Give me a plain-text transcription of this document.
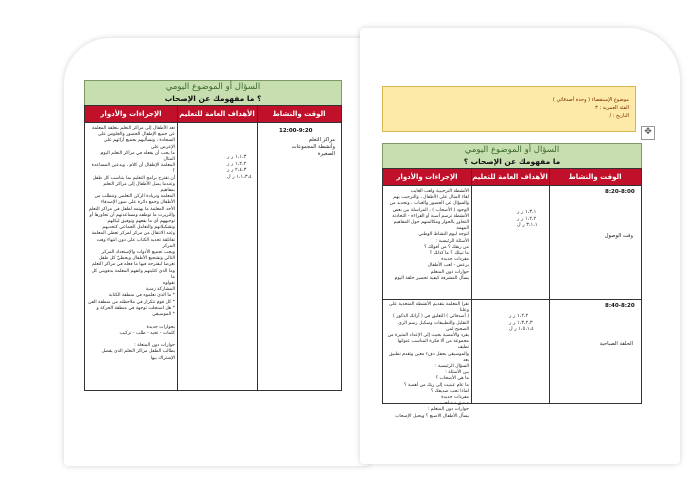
السؤال أو الموضوع اليومي
؟ ما مفهومك عن الإصحاب
الوقت والنشاط
الأهداف العامة للتعليم
الإجراءات والأدوار
12:00-9:20
مراكز التعلم
وأنشطة المجموعات
الصغيرة
١،١،٣ ر ر
١،٢،٢ ر ر
٢،٤،٣ ر ر
١،١،٣،٤ ر ل
تعد الأطفال إلى مراكز التعلم بتعلقة المعلمة
عن جميع الإطفال الحضور والجلوس على
السجادة ، وتسأليهم بجميع أرائهم على الإعرض على
ما يحب أن يفعله في مراكز التعلم اليوم المثال
المعلمة الإطفال أن كلام ، ويدعين المساعدة ؟
أن تقترح برامج التعليم بما يتناسب كل طفل
وعندما يصل الأطفال إلى مراكز التعلم بمفاهيم
المعلمة وتزيادة الركن التعلمي وتنطلب من
الأطفال وجمع دائرة على صور الإصدقاء
الأحد المعلمة ما يهتمه لطفل في مراكز التعلم
والتريرت ما توظفه ومساعدتهم أن تحاورها أو
توجيههم أي ما يفعهم وتوفيق ليكلهم
وتشكيلاتهم والتعامل الجماعي كتحديهم
وعند الانتقال من مركز لمركز تعطي المعلمة
تقاتلقة تحديه الكتاب على دون انتهاء وقت المركز
ويجب تجميع الأدوات والإستعداد المركز
التالي وتشجيع الأطفال وبحظيّ كل طفل
تعرضا ليقترحه فيها ما فعله في مراكز التعلم
وما الذي كتليتهم وانفهم المعلمة بدفويني كل ما
تقولوه
المشاركة زمنية
* ما الذي تعلموه في منطقة الكتابة
* كل قوم تتكرار في ملاحظته من منطقة الفن
* هل استجلت توجهة في منطقة الحركة و
* الموسيقي

بحوارات جديدة
كلمات - تحيه - طلب - تركيب

حوارات دون المتعلة :
بطالب الطفل مراكز التعلم الذي يفضل
الإشتراك بيها
موضوع الإستقصاء ( وحدة أصدقائي )
الفئة العمرية : ٣
التاريخ : /
✥
السؤال أو الموضوع اليومي
ما مفهومك عن الإصحاب ؟
الوقت والنشاط
الأهداف العامة للتعليم
الإجراءات والأدوار
8:20-8:00
وقت الوصول
١،٣،١ ر ر
١،٢،٢ ر ر
٣،١،١ ر ل
الأنشطة الترحيبية ولعب الغايب
لقاء المثال على الأطفال ، والترحيب بهم
والسؤال عن الحضور والغياب ، وتحديد من
الوجود ( الأصحاب ) ، المراسلة بين بعض
الأنشطة ترسم أسية أو القراءة - التحادثة
التحاور بالحوار ومكالمتهم حول المفاهيم المهمة
لتوجه ليوم النشاط الوطني
الأسئلة الرئيسية :
من ربقك ؟ من أفولك ؟
ما تبيلك ؟ ما كذلك ؟
مفردات جديدة
يرعش - لعب الأطفال
حوارات دون المتعلم
يسأل المشرفة كيفية تحضير حلقة اليوم
8:40-8:20
الحلقة الصباحية
١،٢،٢ ر ر
١،٣،٢،٣ ر ر
١،٥،١،٤ ر ل
تقرا المعلمة بتقديم الأنشطة المتحدية على وعلنا
( أصدقائي ) التعليق في ( آراتك الذكور )
التقليل والتطبيقات وسكبل رسم الزي الصحيح لمن
يفرد والأمضية بحيث إلى الإعداد المثيرة من
مجموعة من ألا فكرة المناسب عنوانها تطيف
والموسيقى بحفل دفء معين وتقدم تطبيق بعد
السؤال الرئيسية :
بين الأسئلة :
ما هي الأصحاب ؟
ما عام عينيث إلى ربك من أهمية ؟
لماذا تحب صديقك ؟
مفردات جديدة
صديق - صاحب
حوارات دون المتعلم :
يسأل الأطفال الاصبع ؟ ويحيل الإصحاب
